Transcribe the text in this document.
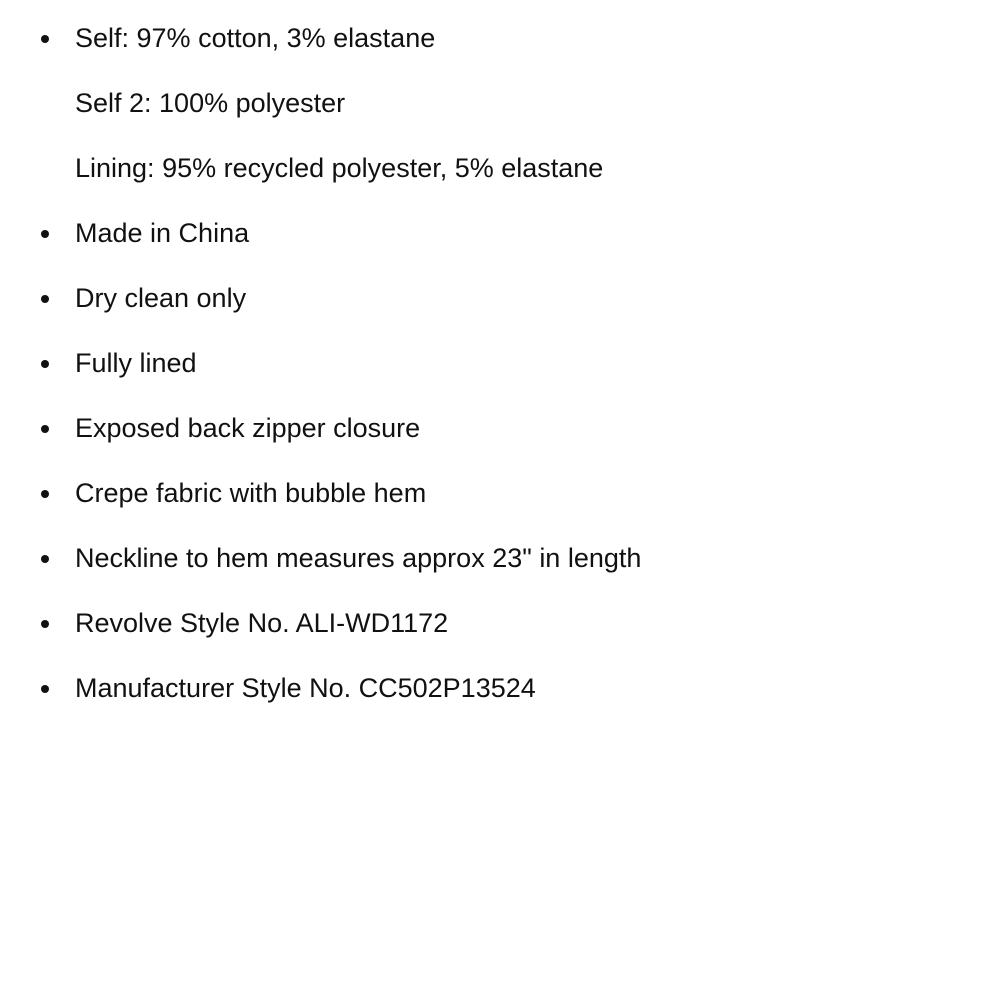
Self: 97% cotton, 3% elastane
Self 2: 100% polyester
Lining: 95% recycled polyester, 5% elastane
Made in China
Dry clean only
Fully lined
Exposed back zipper closure
Crepe fabric with bubble hem
Neckline to hem measures approx 23" in length
Revolve Style No. ALI-WD1172
Manufacturer Style No. CC502P13524
